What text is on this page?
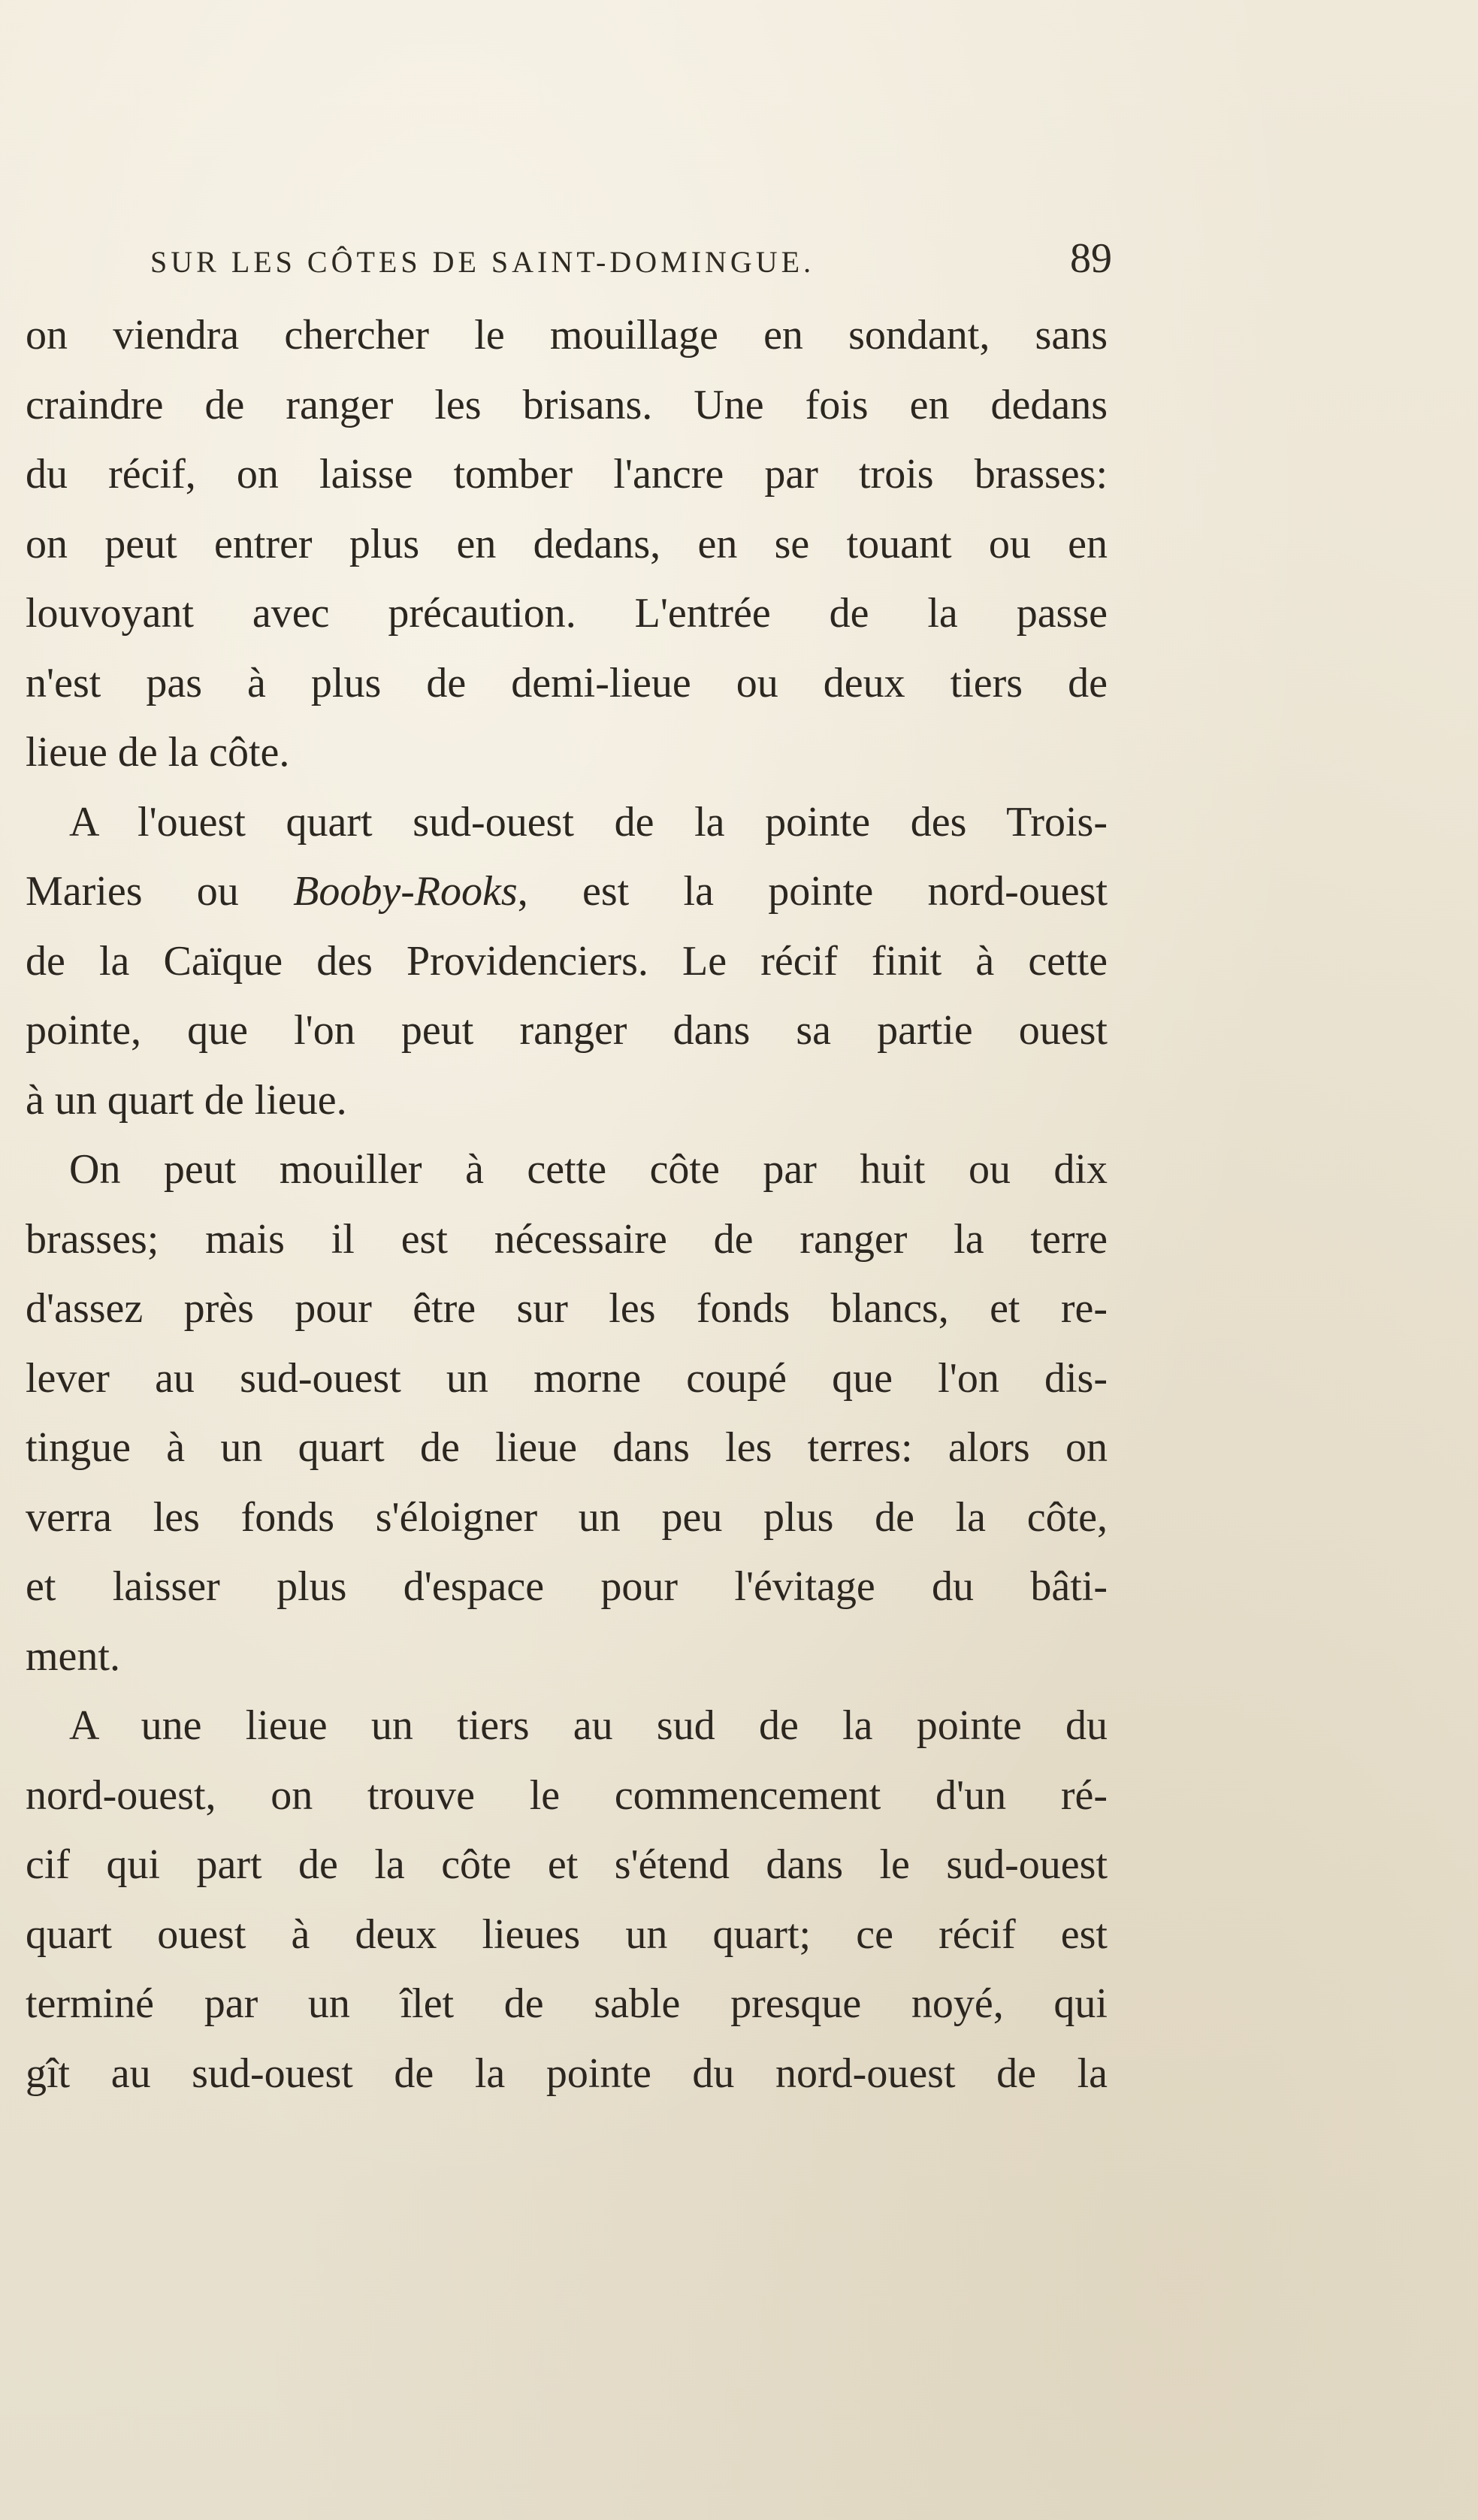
SUR LES CÔTES DE SAINT-DOMINGUE.	89
on viendra chercher le mouillage en sondant, sans
craindre de ranger les brisans. Une fois en dedans
du récif, on laisse tomber l'ancre par trois brasses:
on peut entrer plus en dedans, en se touant ou en
louvoyant avec précaution. L'entrée de la passe
n'est pas à plus de demi-lieue ou deux tiers de
lieue de la côte.
A l'ouest quart sud-ouest de la pointe des Trois-
Maries ou Booby-Rooks, est la pointe nord-ouest
de la Caïque des Providenciers. Le récif finit à cette
pointe, que l'on peut ranger dans sa partie ouest
à un quart de lieue.
On peut mouiller à cette côte par huit ou dix
brasses; mais il est nécessaire de ranger la terre
d'assez près pour être sur les fonds blancs, et re-
lever au sud-ouest un morne coupé que l'on dis-
tingue à un quart de lieue dans les terres: alors on
verra les fonds s'éloigner un peu plus de la côte,
et laisser plus d'espace pour l'évitage du bâti-
ment.
A une lieue un tiers au sud de la pointe du
nord-ouest, on trouve le commencement d'un ré-
cif qui part de la côte et s'étend dans le sud-ouest
quart ouest à deux lieues un quart; ce récif est
terminé par un îlet de sable presque noyé, qui
gît au sud-ouest de la pointe du nord-ouest de la
